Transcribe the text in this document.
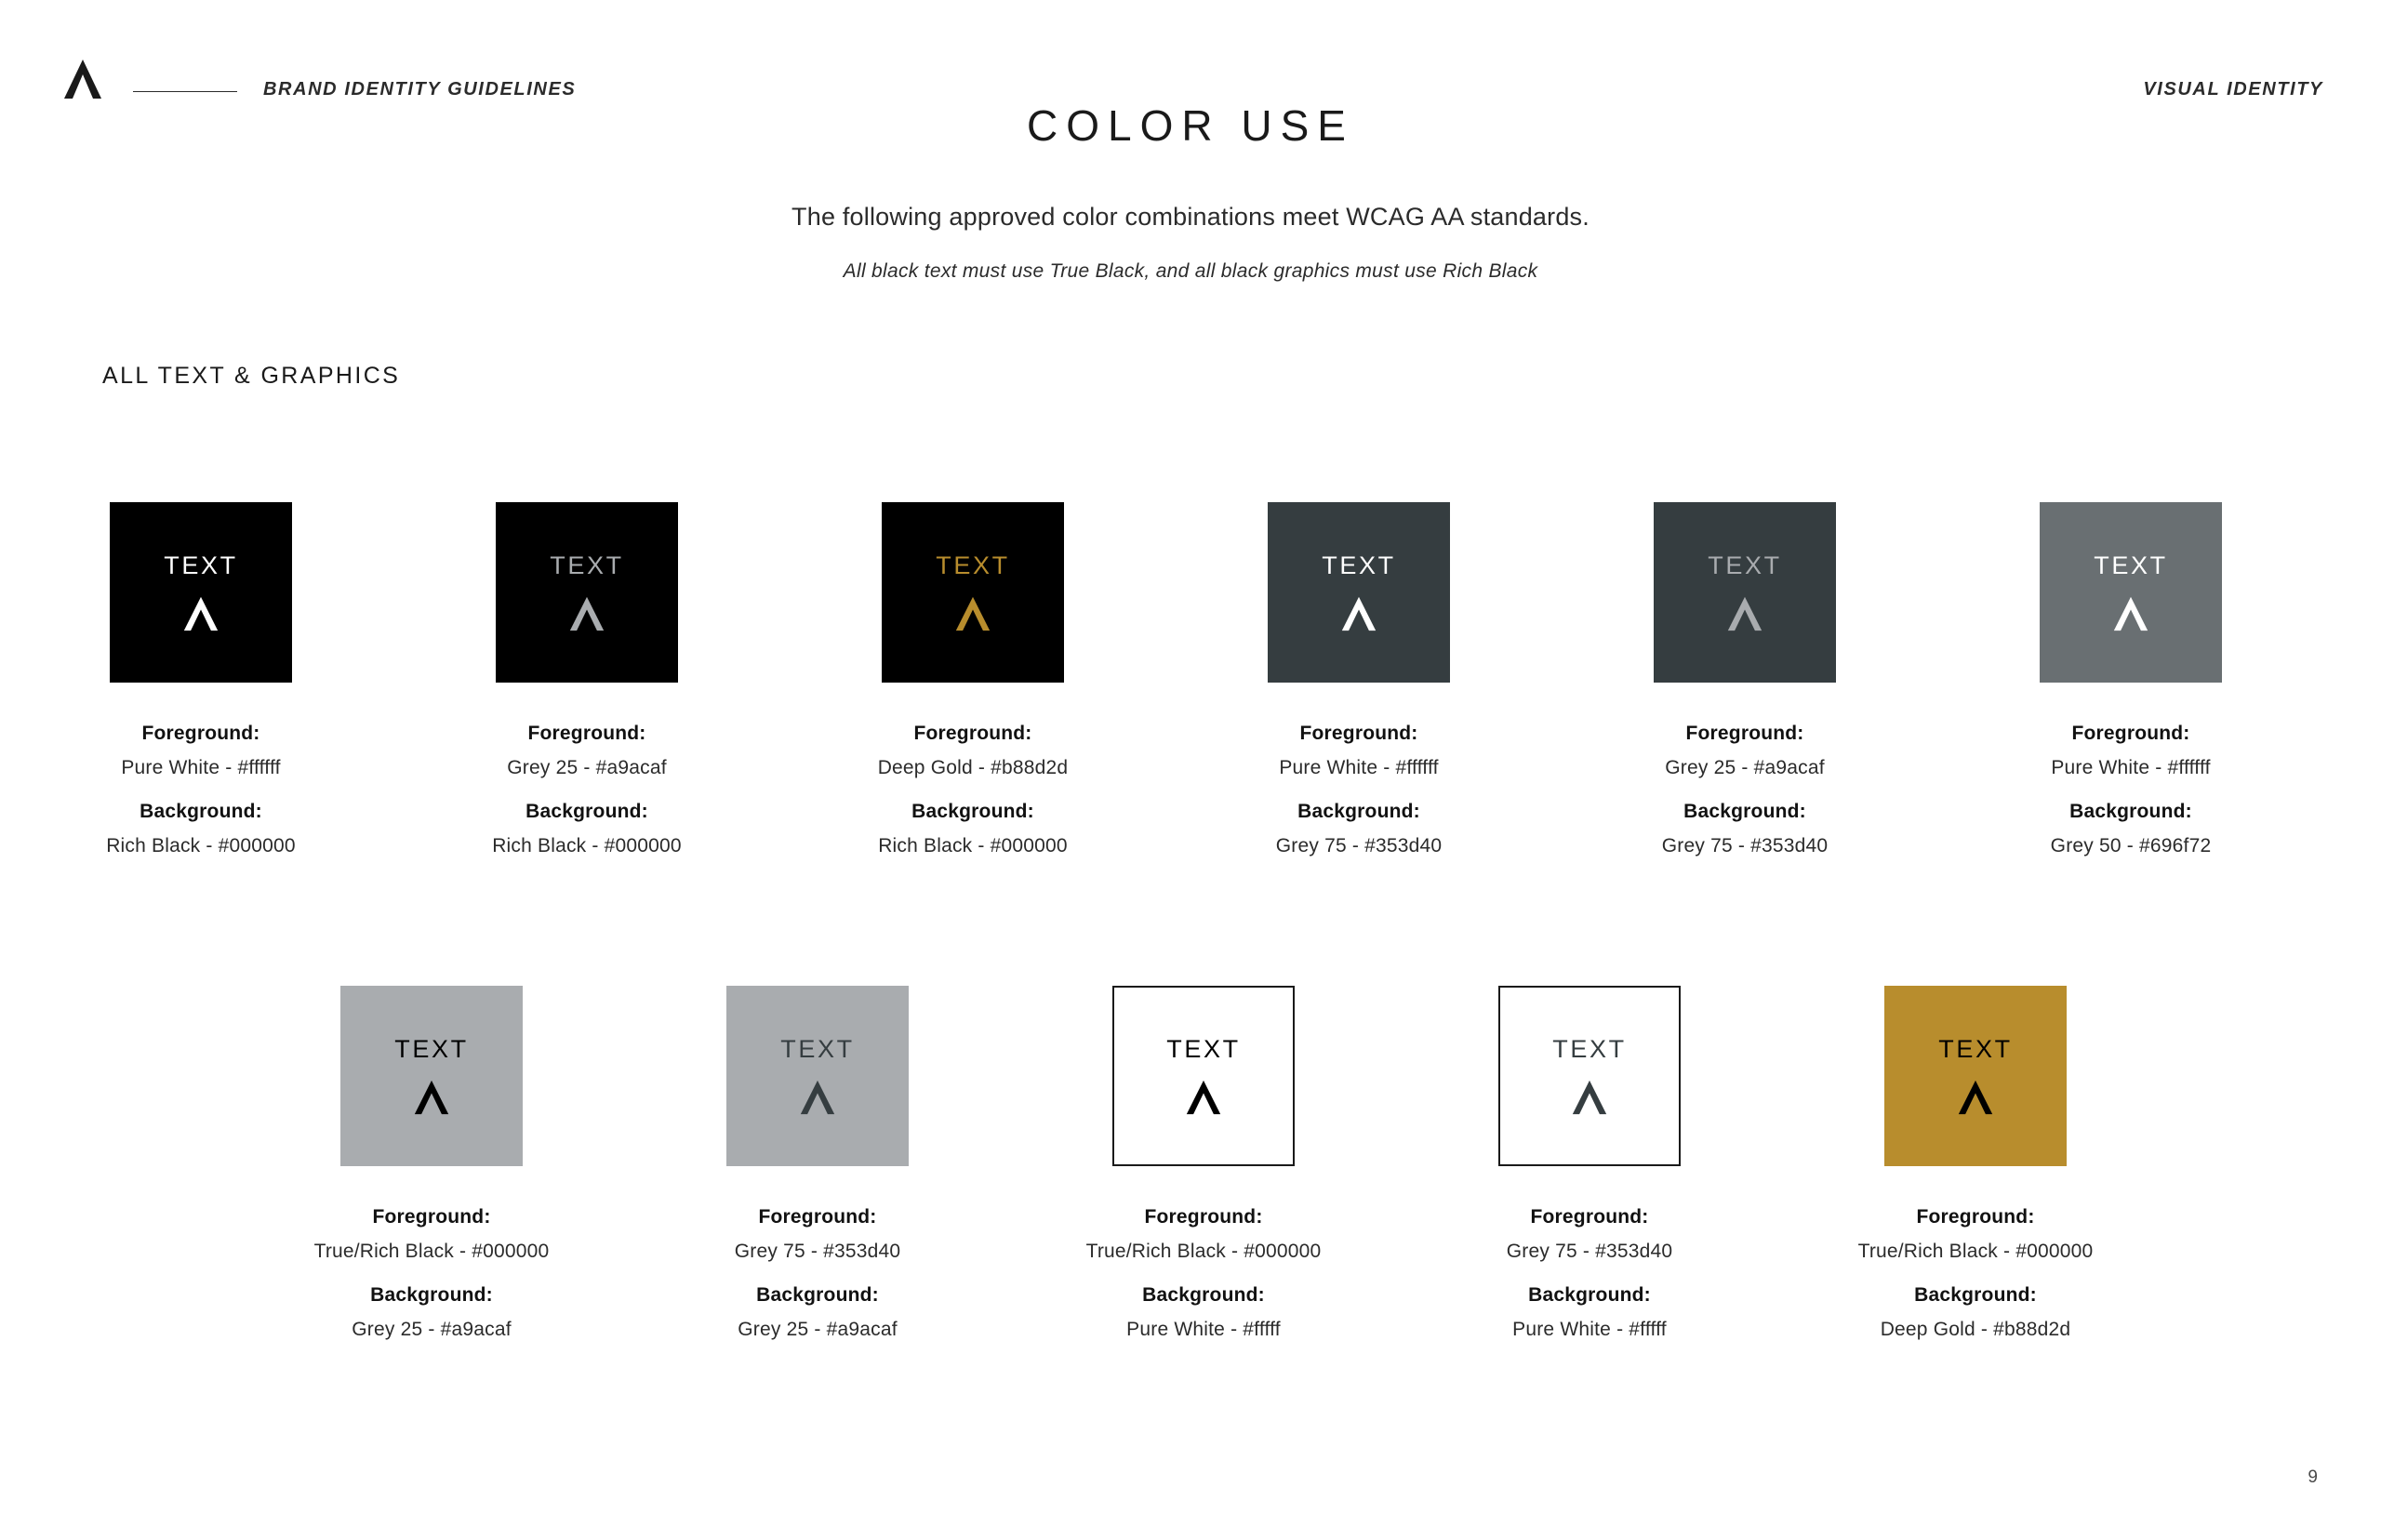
BRAND IDENTITY GUIDELINES	VISUAL IDENTITY
COLOR USE
The following approved color combinations meet WCAG AA standards.
All black text must use True Black, and all black graphics must use Rich Black
ALL TEXT & GRAPHICS
TEXT
Foreground:
Pure White - #ffffff
Background:
Rich Black - #000000
TEXT
Foreground:
Grey 25 - #a9acaf
Background:
Rich Black - #000000
TEXT
Foreground:
Deep Gold - #b88d2d
Background:
Rich Black - #000000
TEXT
Foreground:
Pure White - #ffffff
Background:
Grey 75 - #353d40
TEXT
Foreground:
Grey 25 - #a9acaf
Background:
Grey 75 - #353d40
TEXT
Foreground:
Pure White - #ffffff
Background:
Grey 50 - #696f72
TEXT
Foreground:
True/Rich Black - #000000
Background:
Grey 25 - #a9acaf
TEXT
Foreground:
Grey 75 - #353d40
Background:
Grey 25 - #a9acaf
TEXT
Foreground:
True/Rich Black - #000000
Background:
Pure White - #fffff
TEXT
Foreground:
Grey 75 - #353d40
Background:
Pure White - #fffff
TEXT
Foreground:
True/Rich Black - #000000
Background:
Deep Gold - #b88d2d
9
